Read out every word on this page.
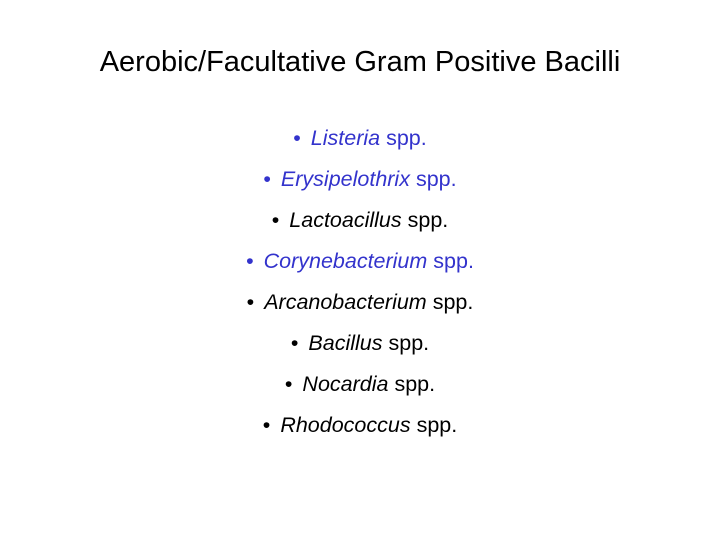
Aerobic/Facultative Gram Positive Bacilli
• Listeria spp.
• Erysipelothrix spp.
• Lactoacillus spp.
• Corynebacterium spp.
• Arcanobacterium spp.
• Bacillus spp.
• Nocardia spp.
• Rhodococcus spp.
